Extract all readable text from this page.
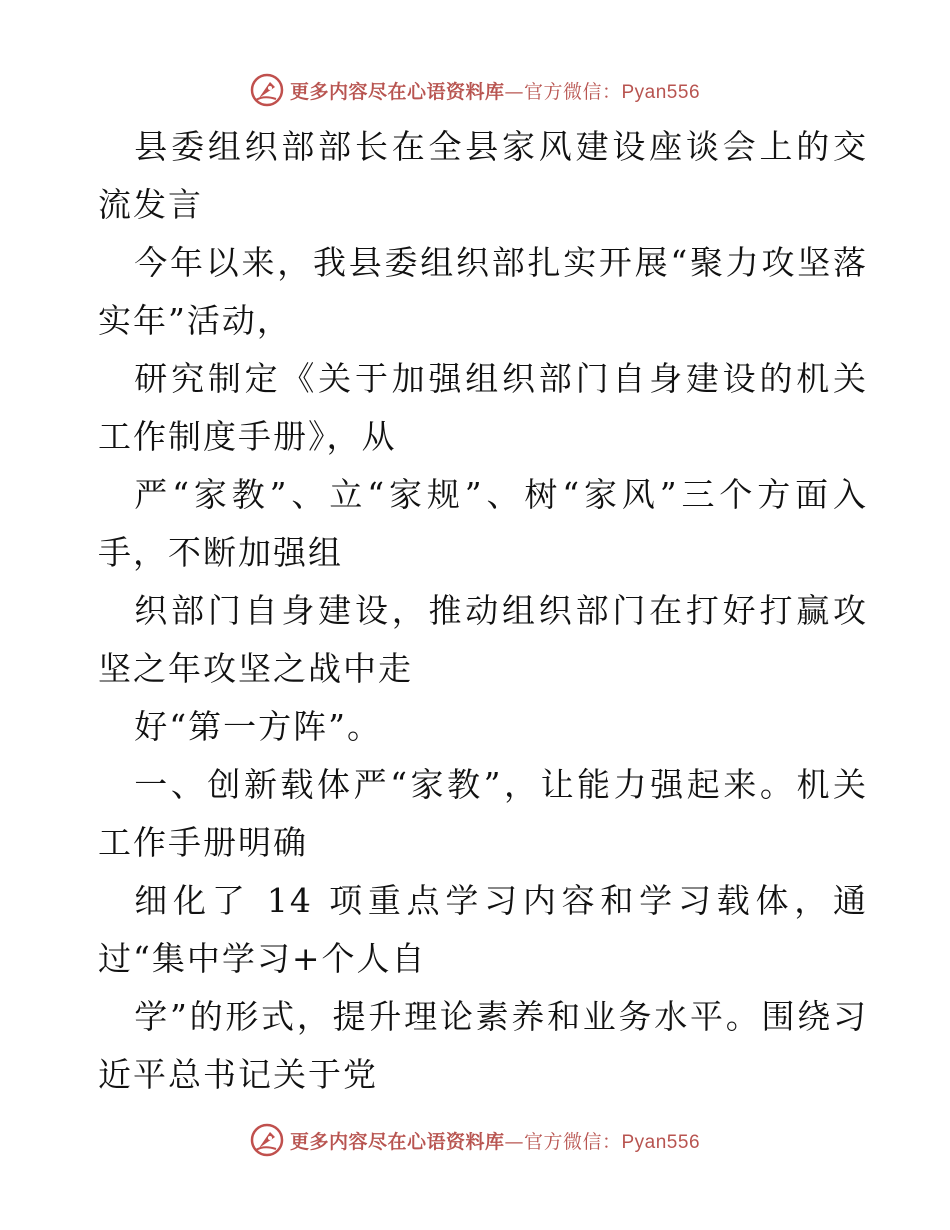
更多内容尽在心语资料库—官方微信：Pyan556

县委组织部部长在全县家风建设座谈会上的交流发言

今年以来，我县委组织部扎实开展“聚力攻坚落实年”活动，

研究制定《关于加强组织部门自身建设的机关工作制度手册》，从

严“家教”、立“家规”、树“家风”三个方面入手，不断加强组

织部门自身建设，推动组织部门在打好打赢攻坚之年攻坚之战中走

好“第一方阵”。

一、创新载体严“家教”，让能力强起来。机关工作手册明确

细化了 14 项重点学习内容和学习载体，通过“集中学习+个人自

学”的形式，提升理论素养和业务水平。围绕习近平总书记关于党

更多内容尽在心语资料库—官方微信：Pyan556
